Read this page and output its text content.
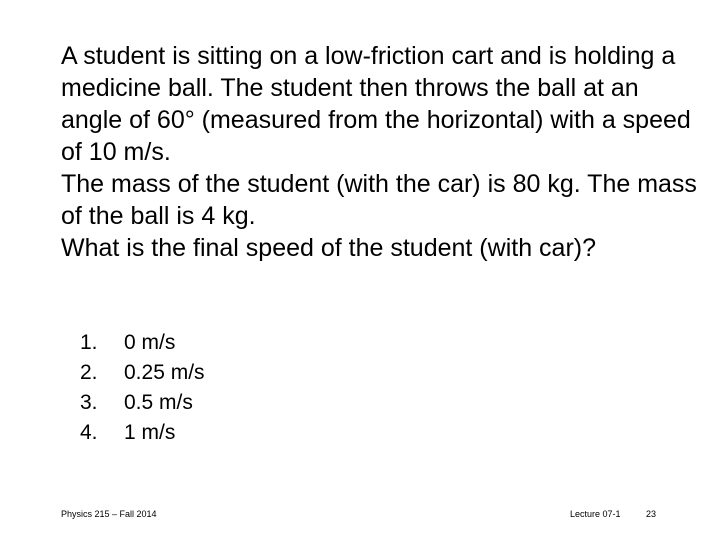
A student is sitting on a low-friction cart and is holding a medicine ball. The student then throws the ball at an angle of 60° (measured from the horizontal) with a speed of 10 m/s.

The mass of the student (with the car) is 80 kg. The mass of the ball is 4 kg.

What is the final speed of the student (with car)?

1.	0 m/s
2.	0.25 m/s
3.	0.5 m/s
4.	1 m/s
Physics 215 – Fall 2014	Lecture 07-1	23
